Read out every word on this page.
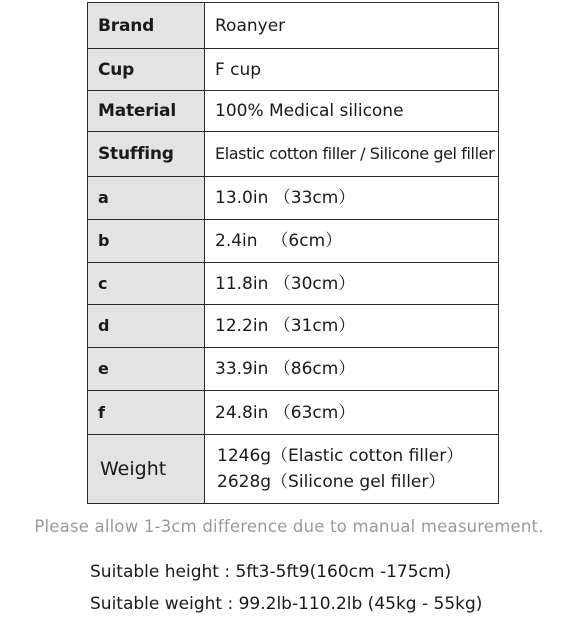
Brand	Roanyer
Cup	F cup
Material	100% Medical silicone
Stuffing	Elastic cotton filler / Silicone gel filler
a	13.0in （33cm）
b	2.4in 　（6cm）
c	11.8in （30cm）
d	12.2in （31cm）
e	33.9in （86cm）
f	24.8in （63cm）
Weight	1246g（Elastic cotton filler）
2628g（Silicone gel filler）
Please allow 1-3cm difference due to manual measurement.
Suitable height : 5ft3-5ft9(160cm -175cm)
Suitable weight : 99.2lb-110.2lb (45kg - 55kg)
